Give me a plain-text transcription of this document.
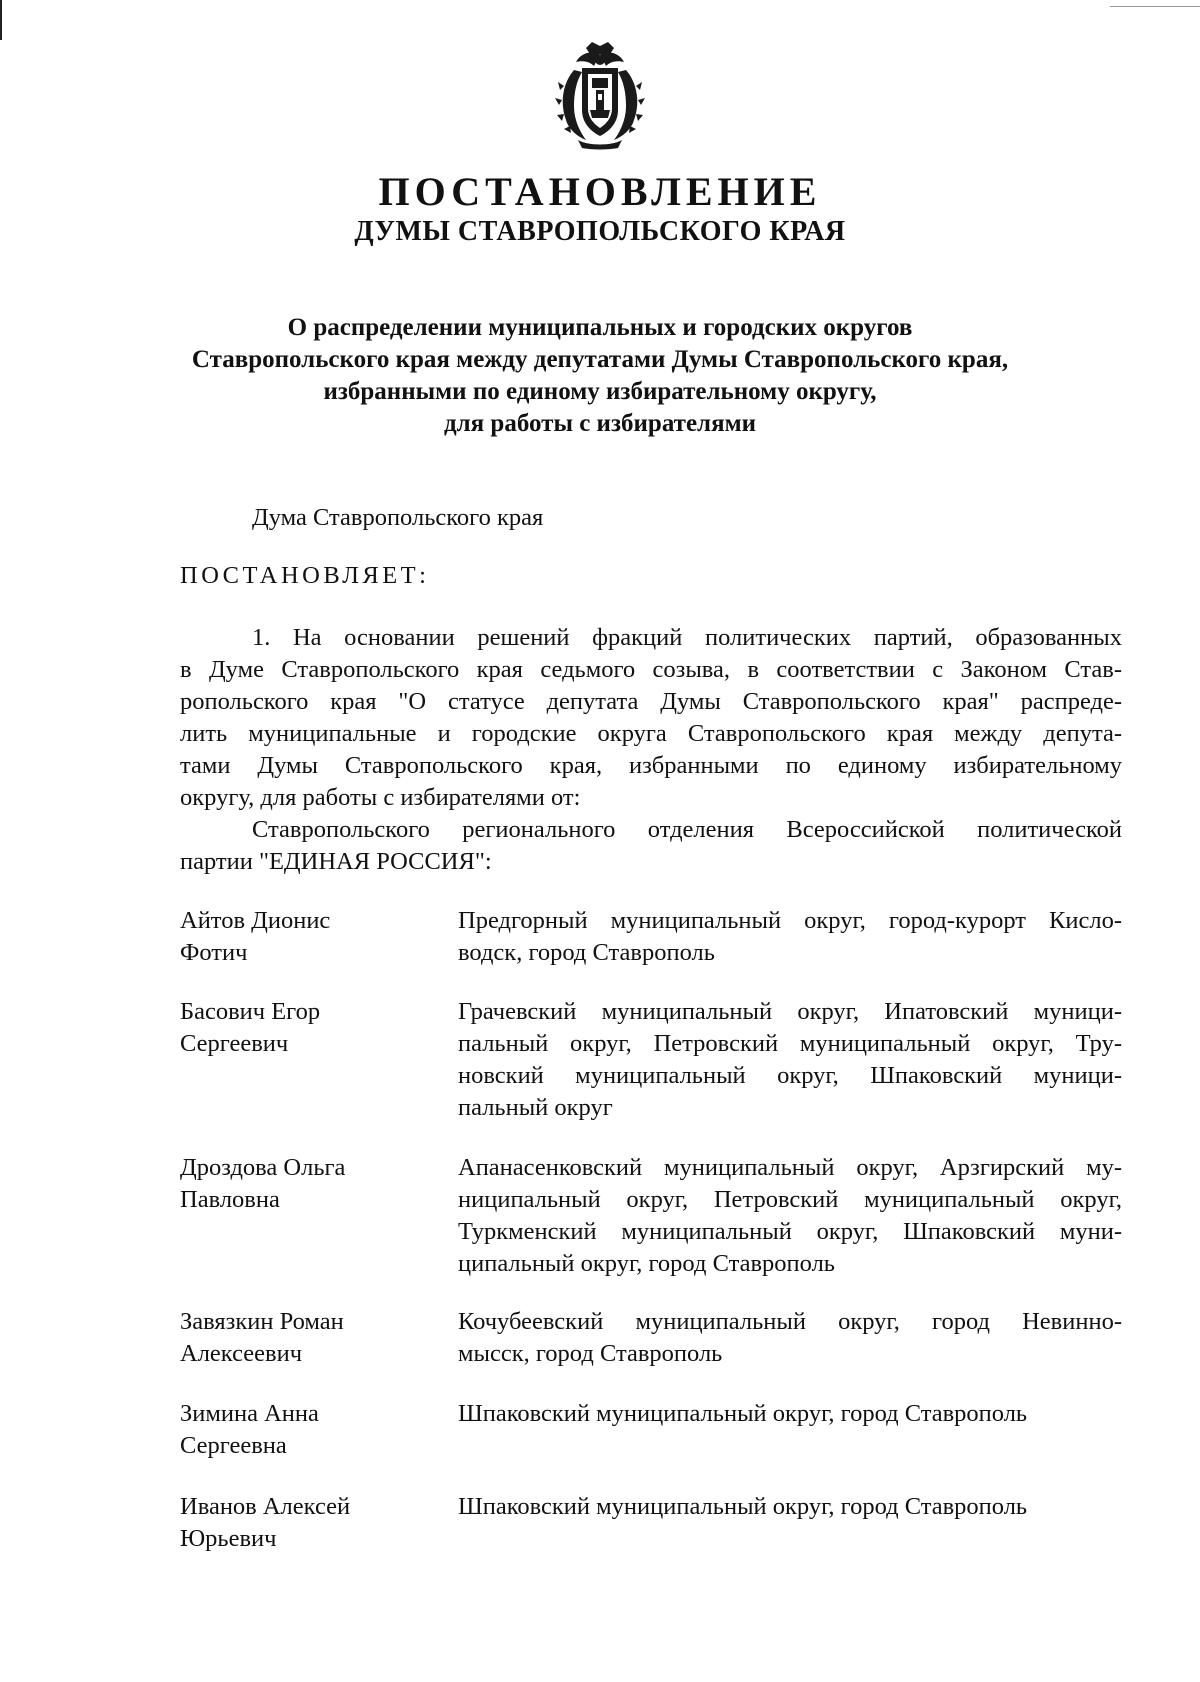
ПОСТАНОВЛЕНИЕ
ДУМЫ СТАВРОПОЛЬСКОГО КРАЯ
О распределении муниципальных и городских округов
Ставропольского края между депутатами Думы Ставропольского края,
избранными по единому избирательному округу,
для работы с избирателями
Дума Ставропольского края
ПОСТАНОВЛЯЕТ:
1. На основании решений фракций политических партий, образованных
в Думе Ставропольского края седьмого созыва, в соответствии с Законом Став-
ропольского края "О статусе депутата Думы Ставропольского края" распреде-
лить муниципальные и городские округа Ставропольского края между депута-
тами Думы Ставропольского края, избранными по единому избирательному
округу, для работы с избирателями от:
Ставропольского регионального отделения Всероссийской политической
партии "ЕДИНАЯ РОССИЯ":
Айтов Дионис
Фотич
Предгорный муниципальный округ, город-курорт Кисло-
водск, город Ставрополь
Басович Егор
Сергеевич
Грачевский муниципальный округ, Ипатовский муници-
пальный округ, Петровский муниципальный округ, Тру-
новский муниципальный округ, Шпаковский муници-
пальный округ
Дроздова Ольга
Павловна
Апанасенковский муниципальный округ, Арзгирский му-
ниципальный округ, Петровский муниципальный округ,
Туркменский муниципальный округ, Шпаковский муни-
ципальный округ, город Ставрополь
Завязкин Роман
Алексеевич
Кочубеевский муниципальный округ, город Невинно-
мысск, город Ставрополь
Зимина Анна
Сергеевна
Шпаковский муниципальный округ, город Ставрополь
Иванов Алексей
Юрьевич
Шпаковский муниципальный округ, город Ставрополь
